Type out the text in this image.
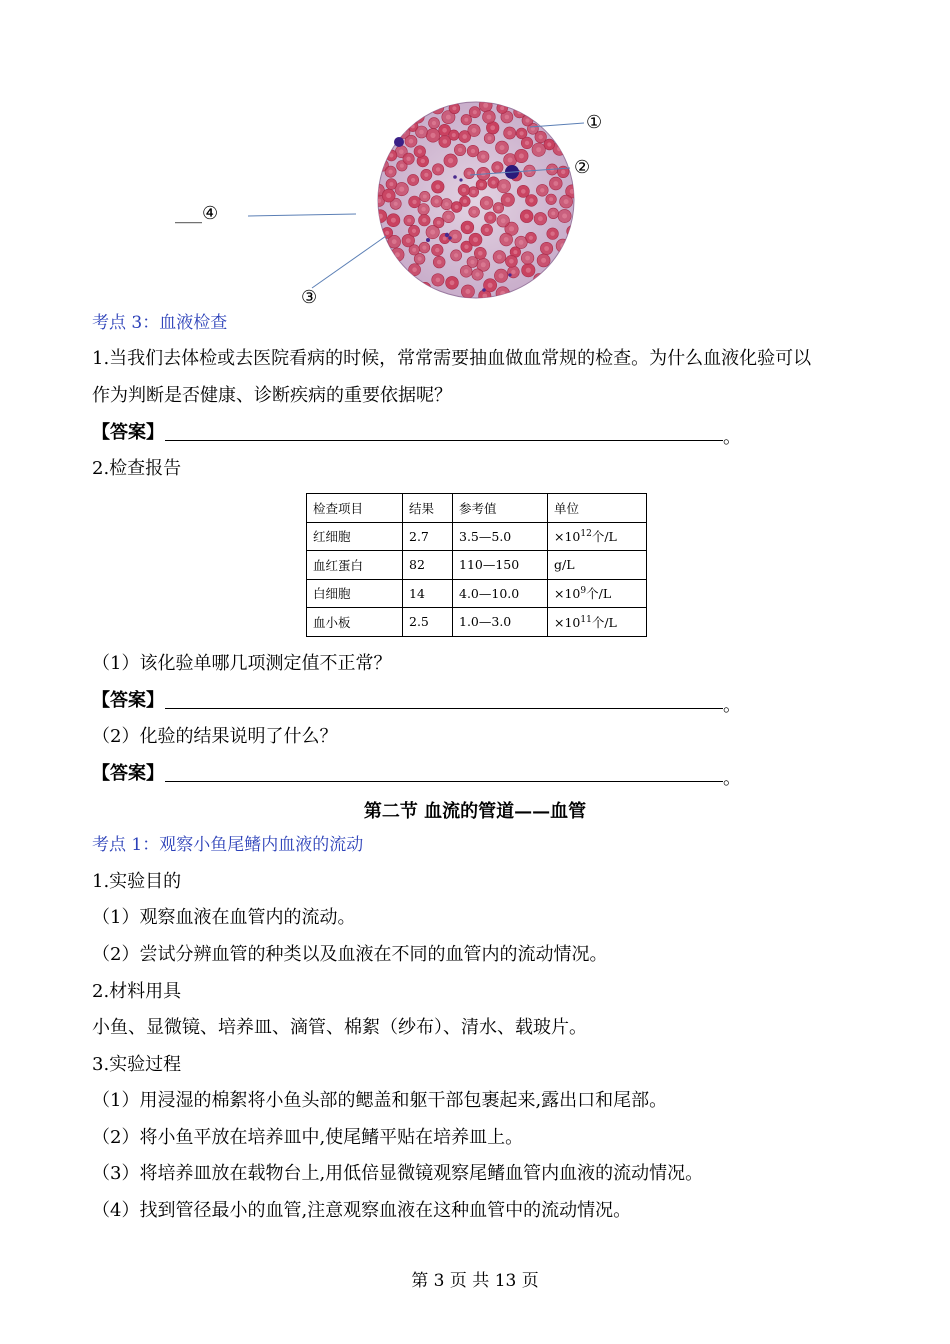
①
②
③
___④
考点 3：血液检查
1.当我们去体检或去医院看病的时候，常常需要抽血做血常规的检查。为什么血液化验可以
作为判断是否健康、诊断疾病的重要依据呢？
【答案】	。
2.检查报告
检查项目	结果	参考值	单位
红细胞	2.7	3.5—5.0	$\times 10^{12}$个/L
血红蛋白	82	110—150	g/L
白细胞	14	4.0—10.0	$\times 10^9$个/L
血小板	2.5	1.0—3.0	$\times 10^{11}$个/L
（1）该化验单哪几项测定值不正常？
【答案】	。
（2）化验的结果说明了什么？
【答案】	。
第二节 血流的管道——血管
考点 1：观察小鱼尾鳍内血液的流动
1.实验目的
（1）观察血液在血管内的流动。
（2）尝试分辨血管的种类以及血液在不同的血管内的流动情况。
2.材料用具
小鱼、显微镜、培养皿、滴管、棉絮（纱布）、清水、载玻片。
3.实验过程
（1）用浸湿的棉絮将小鱼头部的鳃盖和躯干部包裹起来,露出口和尾部。
（2）将小鱼平放在培养皿中,使尾鳍平贴在培养皿上。
（3）将培养皿放在载物台上,用低倍显微镜观察尾鳍血管内血液的流动情况。
（4）找到管径最小的血管,注意观察血液在这种血管中的流动情况。
第 3 页 共 13 页
